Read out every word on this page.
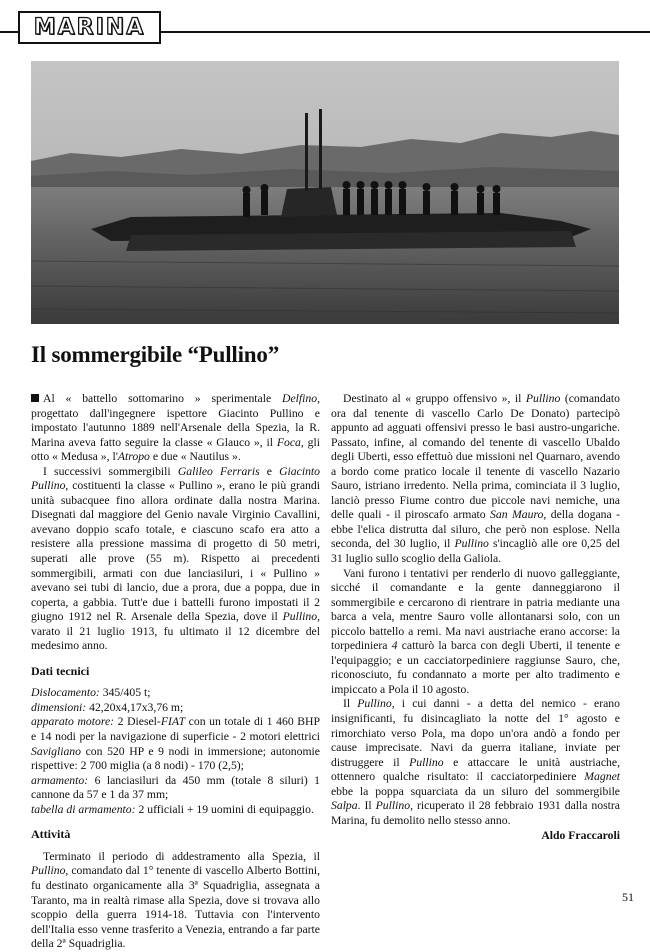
MARINA
Il sommergibile “Pullino”

Al « battello sottomarino » sperimentale Delfino, progettato dall'ingegnere ispettore Giacinto Pullino e impostato l'autunno 1889 nell'Arsenale della Spezia, la R. Marina aveva fatto seguire la classe « Glauco », il Foca, gli otto « Medusa », l'Atropo e due « Nautilus ».

I successivi sommergibili Galileo Ferraris e Giacinto Pullino, costituenti la classe « Pullino », erano le più grandi unità subacquee fino allora ordinate dalla nostra Marina. Disegnati dal maggiore del Genio navale Virginio Cavallini, avevano doppio scafo totale, e ciascuno scafo era atto a resistere alla pressione massima di progetto di 50 metri, superati alle prove (55 m). Rispetto ai precedenti sommergibili, armati con due lanciasiluri, i « Pullino » avevano sei tubi di lancio, due a prora, due a poppa, due in coperta, a gabbia. Tutt'e due i battelli furono impostati il 2 giugno 1912 nel R. Arsenale della Spezia, dove il Pullino, varato il 21 luglio 1913, fu ultimato il 12 dicembre del medesimo anno.

Dati tecnici

Dislocamento: 345/405 t;

dimensioni: 42,20x4,17x3,76 m;

apparato motore: 2 Diesel-FIAT con un totale di 1 460 BHP e 14 nodi per la navigazione di superficie - 2 motori elettrici Savigliano con 520 HP e 9 nodi in immersione; autonomie rispettive: 2 700 miglia (a 8 nodi) - 170 (2,5);

armamento: 6 lanciasiluri da 450 mm (totale 8 siluri) 1 cannone da 57 e 1 da 37 mm;

tabella di armamento: 2 ufficiali + 19 uomini di equipaggio.

Attività

Terminato il periodo di addestramento alla Spezia, il Pullino, comandato dal 1° tenente di vascello Alberto Bottini, fu destinato organicamente alla 3ª Squadriglia, assegnata a Taranto, ma in realtà rimase alla Spezia, dove si trovava allo scoppio della guerra 1914-18. Tuttavia con l'intervento dell'Italia esso venne trasferito a Venezia, entrando a far parte della 2ª Squadriglia.

Destinato al « gruppo offensivo », il Pullino (comandato ora dal tenente di vascello Carlo De Donato) partecipò appunto ad agguati offensivi presso le basi austro-ungariche. Passato, infine, al comando del tenente di vascello Ubaldo degli Uberti, esso effettuò due missioni nel Quarnaro, avendo a bordo come pratico locale il tenente di vascello Nazario Sauro, istriano irredento. Nella prima, cominciata il 3 luglio, lanciò presso Fiume contro due piccole navi nemiche, una delle quali - il piroscafo armato San Mauro, della dogana - ebbe l'elica distrutta dal siluro, che però non esplose. Nella seconda, del 30 luglio, il Pullino s'incagliò alle ore 0,25 del 31 luglio sullo scoglio della Galiola.

Vani furono i tentativi per renderlo di nuovo galleggiante, sicché il comandante e la gente danneggiarono il sommergibile e cercarono di rientrare in patria mediante una barca a vela, mentre Sauro volle allontanarsi solo, con un piccolo battello a remi. Ma navi austriache erano accorse: la torpediniera 4 catturò la barca con degli Uberti, il tenente e l'equipaggio; e un cacciatorpediniere raggiunse Sauro, che, riconosciuto, fu condannato a morte per alto tradimento e impiccato a Pola il 10 agosto.

Il Pullino, i cui danni - a detta del nemico - erano insignificanti, fu disincagliato la notte del 1° agosto e rimorchiato verso Pola, ma dopo un'ora andò a fondo per cause imprecisate. Navi da guerra italiane, inviate per distruggere il Pullino e attaccare le unità austriache, ottennero qualche risultato: il cacciatorpediniere Magnet ebbe la poppa squarciata da un siluro del sommergibile Salpa. Il Pullino, ricuperato il 28 febbraio 1931 dalla nostra Marina, fu demolito nello stesso anno.

Aldo Fraccaroli
51
